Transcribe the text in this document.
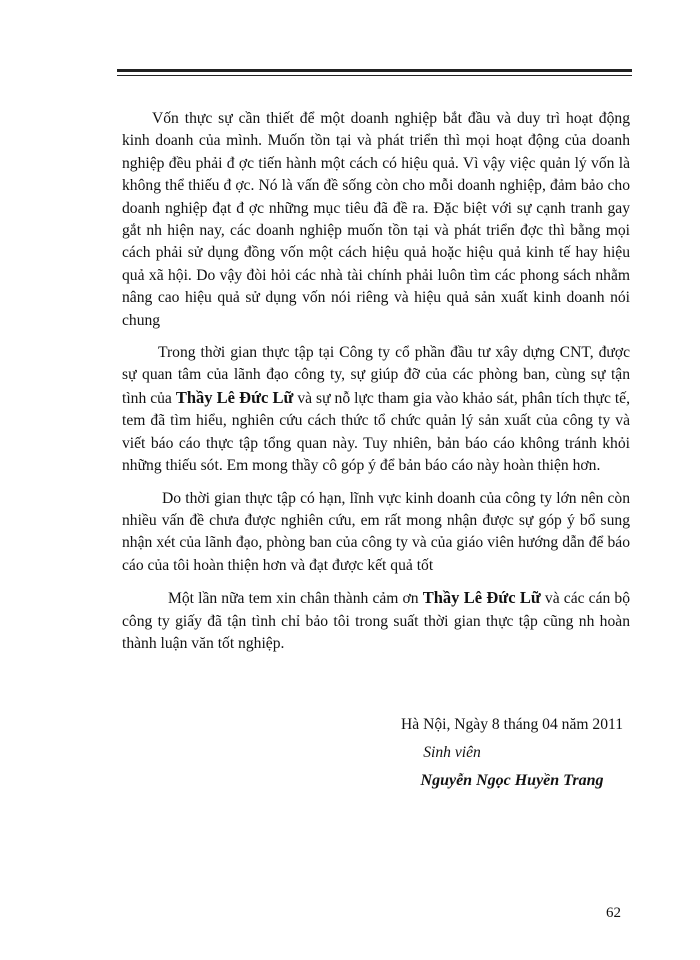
Vốn thực sự cần thiết để một doanh nghiệp bắt đầu và duy trì hoạt động kinh doanh của mình. Muốn tồn tại và phát triển thì mọi hoạt động của doanh nghiệp đều phải đ ợc tiến hành một cách có hiệu quả. Vì vậy việc quản lý vốn là không thể thiếu đ ợc. Nó là vấn đề sống còn cho mỗi doanh nghiệp, đảm bảo cho doanh nghiệp đạt đ ợc những mục tiêu đã đề ra. Đặc biệt với sự cạnh tranh gay gắt nh hiện nay, các doanh nghiệp muốn tồn tại và phát triển đợc thì bằng mọi cách phải sử dụng đồng vốn một cách hiệu quả hoặc hiệu quả kinh tế hay hiệu quả xã hội. Do vậy đòi hỏi các nhà tài chính phải luôn tìm các phong sách nhằm nâng cao hiệu quả sử dụng vốn nói riêng và hiệu quả sản xuất kinh doanh nói chung

Trong thời gian thực tập tại Công ty cổ phần đầu tư xây dựng CNT, được sự quan tâm của lãnh đạo công ty, sự giúp đỡ của các phòng ban, cùng sự tận tình của Thầy Lê Đức Lữ và sự nỗ lực tham gia vào khảo sát, phân tích thực tế, tem đã tìm hiểu, nghiên cứu cách thức tổ chức quản lý sản xuất của công ty và viết báo cáo thực tập tổng quan này. Tuy nhiên, bản báo cáo không tránh khỏi những thiếu sót. Em mong thầy cô góp ý để bản báo cáo này hoàn thiện hơn.

Do thời gian thực tập có hạn, lĩnh vực kinh doanh của công ty lớn nên còn nhiều vấn đề chưa được nghiên cứu, em rất mong nhận được sự góp ý bổ sung nhận xét của lãnh đạo, phòng ban của công ty và của giáo viên hướng dẫn để báo cáo của tôi hoàn thiện hơn và đạt được kết quả tốt

Một lần nữa tem xin chân thành cảm ơn Thầy Lê Đức Lữ và các cán bộ công ty giấy đã tận tình chỉ bảo tôi trong suất thời gian thực tập cũng nh hoàn thành luận văn tốt nghiệp.

Hà Nội, Ngày 8 tháng 04 năm 2011
Sinh viên
Nguyễn Ngọc Huyền Trang
62
